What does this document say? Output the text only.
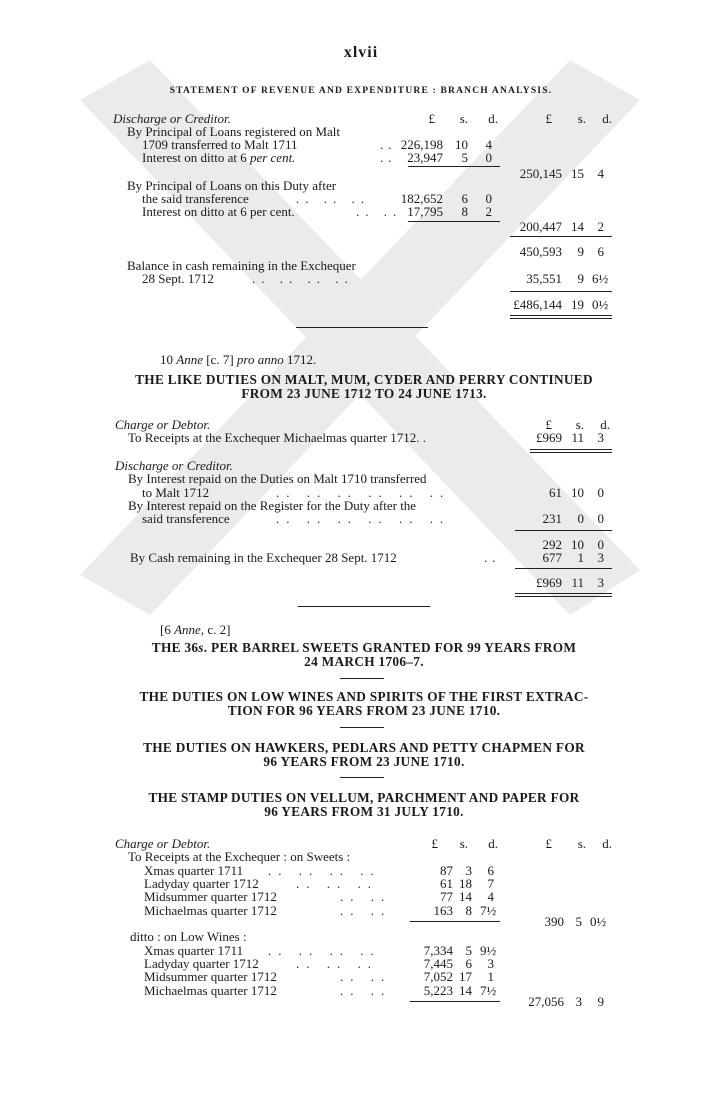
xlvii
STATEMENT OF REVENUE AND EXPENDITURE : BRANCH ANALYSIS.
Discharge or Creditor.	£	s.	d.	£	s.	d.
By Principal of Loans registered on Malt
1709 transferred to Malt 1711	.. 226,198 10	4
Interest on ditto at 6 per cent.	.. 23,947	5	0
250,145 15	4
By Principal of Loans on this Duty after
the said transference	.. .. ..	182,652	6	0
Interest on ditto at 6 per cent.	.. .. 17,795	8	2
200,447 14	2
450,593	9	6
Balance in cash remaining in the Exchequer
28 Sept. 1712	.. .. .. ..	35,551	9 6½
£486,144 19 0½
10 Anne [c. 7] pro anno 1712.
THE LIKE DUTIES ON MALT, MUM, CYDER AND PERRY CONTINUED
FROM 23 JUNE 1712 TO 24 JUNE 1713.
Charge or Debtor.	£	s.	d.
To Receipts at the Exchequer Michaelmas quarter 1712. .	£969 11	3
Discharge or Creditor.
By Interest repaid on the Duties on Malt 1710 transferred
to Malt 1712	.. .. .. .. .. ..	61 10	0
By Interest repaid on the Register for the Duty after the
said transference	.. .. .. .. .. ..	231	0	0
292 10	0
By Cash remaining in the Exchequer 28 Sept. 1712	..	677	1	3
£969 11	3
[6 Anne, c. 2]
THE 36s. PER BARREL SWEETS GRANTED FOR 99 YEARS FROM
24 MARCH 1706–7.
THE DUTIES ON LOW WINES AND SPIRITS OF THE FIRST EXTRAC-
TION FOR 96 YEARS FROM 23 JUNE 1710.
THE DUTIES ON HAWKERS, PEDLARS AND PETTY CHAPMEN FOR
96 YEARS FROM 23 JUNE 1710.
THE STAMP DUTIES ON VELLUM, PARCHMENT AND PAPER FOR
96 YEARS FROM 31 JULY 1710.
Charge or Debtor.	£	s.	d.	£	s.	d.
To Receipts at the Exchequer : on Sweets :
Xmas quarter 1711 .. .. .. ..	87 3	6
Ladyday quarter 1712	.. .. ..	61 18	7
Midsummer quarter 1712	.. ..	77 14	4
Michaelmas quarter 1712	.. ..	163 8 7½
390 5 0½
ditto : on Low Wines :
Xmas quarter 1711 .. .. .. ..	7,334 5 9½
Ladyday quarter 1712	.. .. ..	7,445 6	3
Midsummer quarter 1712	.. ..	7,052 17	1
Michaelmas quarter 1712	.. ..	5,223 14 7½
27,056 3	9
